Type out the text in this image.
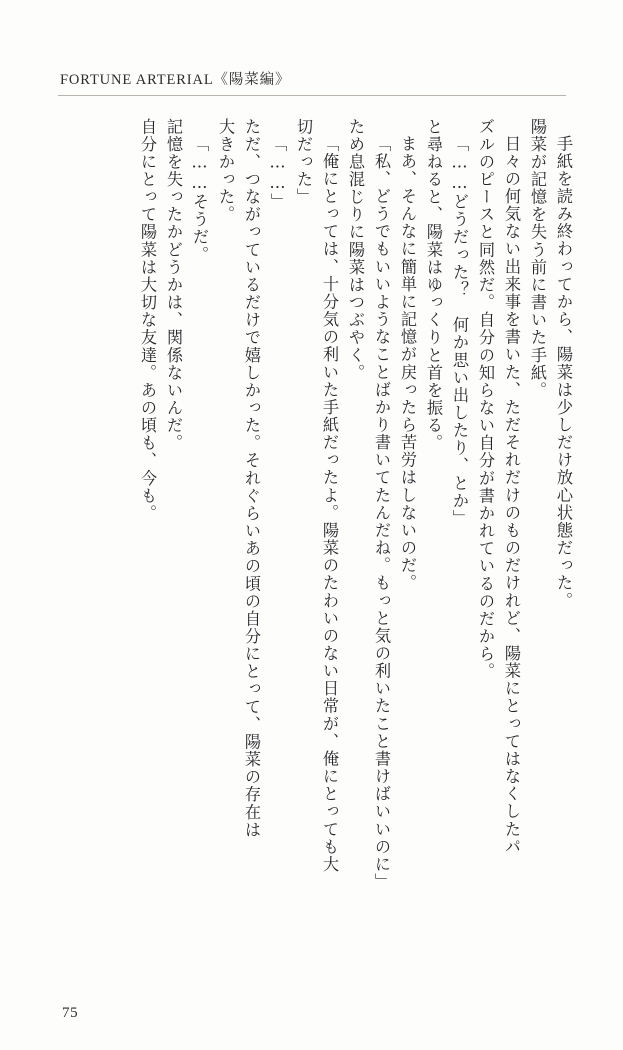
FORTUNE ARTERIAL《陽菜編》
手紙を読み終わってから、陽菜は少しだけ放心状態だった。
陽菜が記憶を失う前に書いた手紙。
日々の何気ない出来事を書いた、ただそれだけのものだけれど、陽菜にとってはなくしたパ
ズルのピースと同然だ。自分の知らない自分が書かれているのだから。
「……どうだった？　何か思い出したり、とか」
と尋ねると、陽菜はゆっくりと首を振る。
まあ、そんなに簡単に記憶が戻ったら苦労はしないのだ。
「私、どうでもいいようなことばかり書いてたんだね。もっと気の利いたこと書けばいいのに」
ため息混じりに陽菜はつぶやく。
「俺にとっては、十分気の利いた手紙だったよ。陽菜のたわいのない日常が、俺にとっても大
切だった」
「……」
ただ、つながっているだけで嬉しかった。それぐらいあの頃の自分にとって、陽菜の存在は
大きかった。
「……そうだ。
記憶を失ったかどうかは、関係ないんだ。
自分にとって陽菜は大切な友達。あの頃も、今も。
75
